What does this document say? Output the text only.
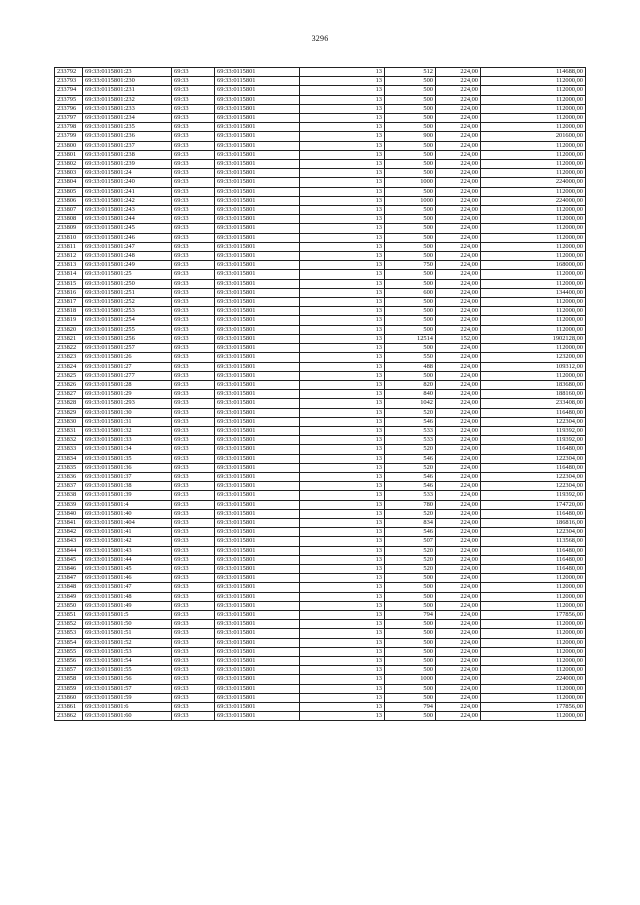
3296
233792	69:33:0115801:23	69:33	69:33:0115801	13	512	224,00	114688,00
233793	69:33:0115801:230	69:33	69:33:0115801	13	500	224,00	112000,00
233794	69:33:0115801:231	69:33	69:33:0115801	13	500	224,00	112000,00
233795	69:33:0115801:232	69:33	69:33:0115801	13	500	224,00	112000,00
233796	69:33:0115801:233	69:33	69:33:0115801	13	500	224,00	112000,00
233797	69:33:0115801:234	69:33	69:33:0115801	13	500	224,00	112000,00
233798	69:33:0115801:235	69:33	69:33:0115801	13	500	224,00	112000,00
233799	69:33:0115801:236	69:33	69:33:0115801	13	900	224,00	201600,00
233800	69:33:0115801:237	69:33	69:33:0115801	13	500	224,00	112000,00
233801	69:33:0115801:238	69:33	69:33:0115801	13	500	224,00	112000,00
233802	69:33:0115801:239	69:33	69:33:0115801	13	500	224,00	112000,00
233803	69:33:0115801:24	69:33	69:33:0115801	13	500	224,00	112000,00
233804	69:33:0115801:240	69:33	69:33:0115801	13	1000	224,00	224000,00
233805	69:33:0115801:241	69:33	69:33:0115801	13	500	224,00	112000,00
233806	69:33:0115801:242	69:33	69:33:0115801	13	1000	224,00	224000,00
233807	69:33:0115801:243	69:33	69:33:0115801	13	500	224,00	112000,00
233808	69:33:0115801:244	69:33	69:33:0115801	13	500	224,00	112000,00
233809	69:33:0115801:245	69:33	69:33:0115801	13	500	224,00	112000,00
233810	69:33:0115801:246	69:33	69:33:0115801	13	500	224,00	112000,00
233811	69:33:0115801:247	69:33	69:33:0115801	13	500	224,00	112000,00
233812	69:33:0115801:248	69:33	69:33:0115801	13	500	224,00	112000,00
233813	69:33:0115801:249	69:33	69:33:0115801	13	750	224,00	168000,00
233814	69:33:0115801:25	69:33	69:33:0115801	13	500	224,00	112000,00
233815	69:33:0115801:250	69:33	69:33:0115801	13	500	224,00	112000,00
233816	69:33:0115801:251	69:33	69:33:0115801	13	600	224,00	134400,00
233817	69:33:0115801:252	69:33	69:33:0115801	13	500	224,00	112000,00
233818	69:33:0115801:253	69:33	69:33:0115801	13	500	224,00	112000,00
233819	69:33:0115801:254	69:33	69:33:0115801	13	500	224,00	112000,00
233820	69:33:0115801:255	69:33	69:33:0115801	13	500	224,00	112000,00
233821	69:33:0115801:256	69:33	69:33:0115801	13	12514	152,00	1902128,00
233822	69:33:0115801:257	69:33	69:33:0115801	13	500	224,00	112000,00
233823	69:33:0115801:26	69:33	69:33:0115801	13	550	224,00	123200,00
233824	69:33:0115801:27	69:33	69:33:0115801	13	488	224,00	109312,00
233825	69:33:0115801:277	69:33	69:33:0115801	13	500	224,00	112000,00
233826	69:33:0115801:28	69:33	69:33:0115801	13	820	224,00	183680,00
233827	69:33:0115801:29	69:33	69:33:0115801	13	840	224,00	188160,00
233828	69:33:0115801:293	69:33	69:33:0115801	13	1042	224,00	233408,00
233829	69:33:0115801:30	69:33	69:33:0115801	13	520	224,00	116480,00
233830	69:33:0115801:31	69:33	69:33:0115801	13	546	224,00	122304,00
233831	69:33:0115801:32	69:33	69:33:0115801	13	533	224,00	119392,00
233832	69:33:0115801:33	69:33	69:33:0115801	13	533	224,00	119392,00
233833	69:33:0115801:34	69:33	69:33:0115801	13	520	224,00	116480,00
233834	69:33:0115801:35	69:33	69:33:0115801	13	546	224,00	122304,00
233835	69:33:0115801:36	69:33	69:33:0115801	13	520	224,00	116480,00
233836	69:33:0115801:37	69:33	69:33:0115801	13	546	224,00	122304,00
233837	69:33:0115801:38	69:33	69:33:0115801	13	546	224,00	122304,00
233838	69:33:0115801:39	69:33	69:33:0115801	13	533	224,00	119392,00
233839	69:33:0115801:4	69:33	69:33:0115801	13	780	224,00	174720,00
233840	69:33:0115801:40	69:33	69:33:0115801	13	520	224,00	116480,00
233841	69:33:0115801:404	69:33	69:33:0115801	13	834	224,00	186816,00
233842	69:33:0115801:41	69:33	69:33:0115801	13	546	224,00	122304,00
233843	69:33:0115801:42	69:33	69:33:0115801	13	507	224,00	113568,00
233844	69:33:0115801:43	69:33	69:33:0115801	13	520	224,00	116480,00
233845	69:33:0115801:44	69:33	69:33:0115801	13	520	224,00	116480,00
233846	69:33:0115801:45	69:33	69:33:0115801	13	520	224,00	116480,00
233847	69:33:0115801:46	69:33	69:33:0115801	13	500	224,00	112000,00
233848	69:33:0115801:47	69:33	69:33:0115801	13	500	224,00	112000,00
233849	69:33:0115801:48	69:33	69:33:0115801	13	500	224,00	112000,00
233850	69:33:0115801:49	69:33	69:33:0115801	13	500	224,00	112000,00
233851	69:33:0115801:5	69:33	69:33:0115801	13	794	224,00	177856,00
233852	69:33:0115801:50	69:33	69:33:0115801	13	500	224,00	112000,00
233853	69:33:0115801:51	69:33	69:33:0115801	13	500	224,00	112000,00
233854	69:33:0115801:52	69:33	69:33:0115801	13	500	224,00	112000,00
233855	69:33:0115801:53	69:33	69:33:0115801	13	500	224,00	112000,00
233856	69:33:0115801:54	69:33	69:33:0115801	13	500	224,00	112000,00
233857	69:33:0115801:55	69:33	69:33:0115801	13	500	224,00	112000,00
233858	69:33:0115801:56	69:33	69:33:0115801	13	1000	224,00	224000,00
233859	69:33:0115801:57	69:33	69:33:0115801	13	500	224,00	112000,00
233860	69:33:0115801:59	69:33	69:33:0115801	13	500	224,00	112000,00
233861	69:33:0115801:6	69:33	69:33:0115801	13	794	224,00	177856,00
233862	69:33:0115801:60	69:33	69:33:0115801	13	500	224,00	112000,00
